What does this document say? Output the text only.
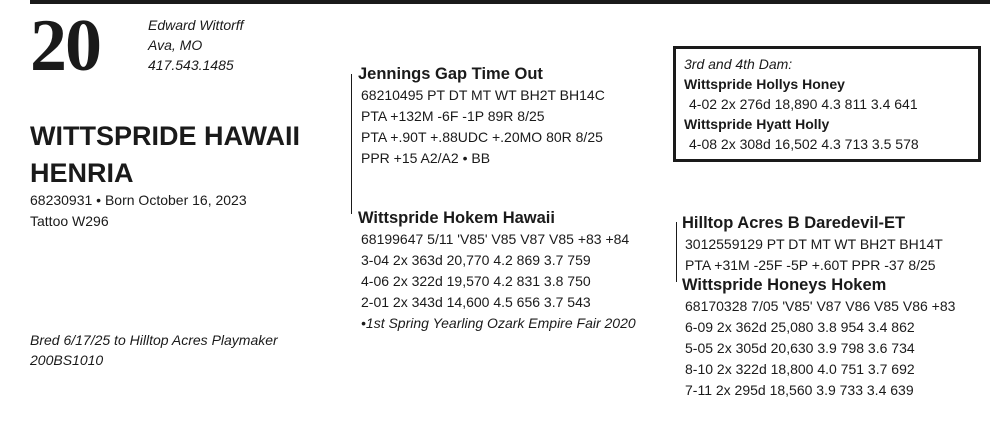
20	Edward Wittorff
Ava, MO
417.543.1485
WITTSPRIDE HAWAII
HENRIA
68230931 • Born October 16, 2023
Tattoo W296
Bred 6/17/25 to Hilltop Acres Playmaker
200BS1010
Jennings Gap Time Out
68210495 PT DT MT WT BH2T BH14C
PTA +132M -6F -1P 89R 8/25
PTA +.90T +.88UDC +.20MO 80R 8/25
PPR +15 A2/A2 • BB
Wittspride Hokem Hawaii
68199647 5/11 'V85' V85 V87 V85 +83 +84
3-04 2x 363d 20,770 4.2 869 3.7 759
4-06 2x 322d 19,570 4.2 831 3.8 750
2-01 2x 343d 14,600 4.5 656 3.7 543
•1st Spring Yearling Ozark Empire Fair 2020
3rd and 4th Dam:
Wittspride Hollys Honey
4-02 2x 276d 18,890 4.3 811 3.4 641
Wittspride Hyatt Holly
4-08 2x 308d 16,502 4.3 713 3.5 578
Hilltop Acres B Daredevil-ET
3012559129 PT DT MT WT BH2T BH14T
PTA +31M -25F -5P +.60T PPR -37 8/25
Wittspride Honeys Hokem
68170328 7/05 'V85' V87 V86 V85 V86 +83
6-09 2x 362d 25,080 3.8 954 3.4 862
5-05 2x 305d 20,630 3.9 798 3.6 734
8-10 2x 322d 18,800 4.0 751 3.7 692
7-11 2x 295d 18,560 3.9 733 3.4 639
